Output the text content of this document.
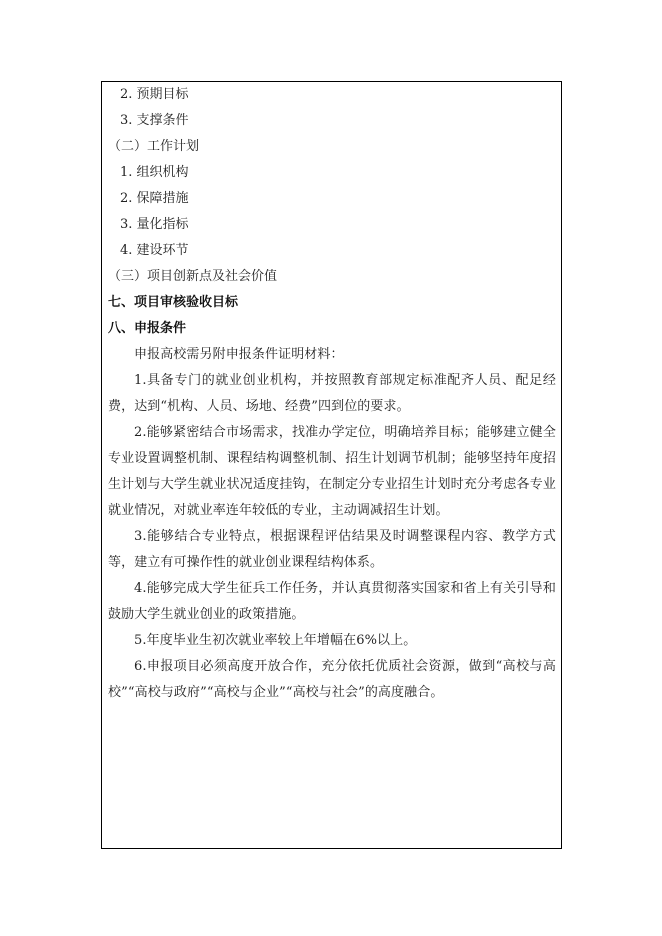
2. 预期目标
3. 支撑条件
（二）工作计划
1. 组织机构
2. 保障措施
3. 量化指标
4. 建设环节
（三）项目创新点及社会价值
七、项目审核验收目标
八、申报条件
申报高校需另附申报条件证明材料：
1.具备专门的就业创业机构，并按照教育部规定标准配齐人员、配足经费，达到“机构、人员、场地、经费”四到位的要求。
2.能够紧密结合市场需求，找准办学定位，明确培养目标；能够建立健全专业设置调整机制、课程结构调整机制、招生计划调节机制；能够坚持年度招生计划与大学生就业状况适度挂钩，在制定分专业招生计划时充分考虑各专业就业情况，对就业率连年较低的专业，主动调减招生计划。
3.能够结合专业特点，根据课程评估结果及时调整课程内容、教学方式等，建立有可操作性的就业创业课程结构体系。
4.能够完成大学生征兵工作任务，并认真贯彻落实国家和省上有关引导和鼓励大学生就业创业的政策措施。
5.年度毕业生初次就业率较上年增幅在6%以上。
6.申报项目必须高度开放合作，充分依托优质社会资源，做到“高校与高校”“高校与政府”“高校与企业”“高校与社会”的高度融合。
